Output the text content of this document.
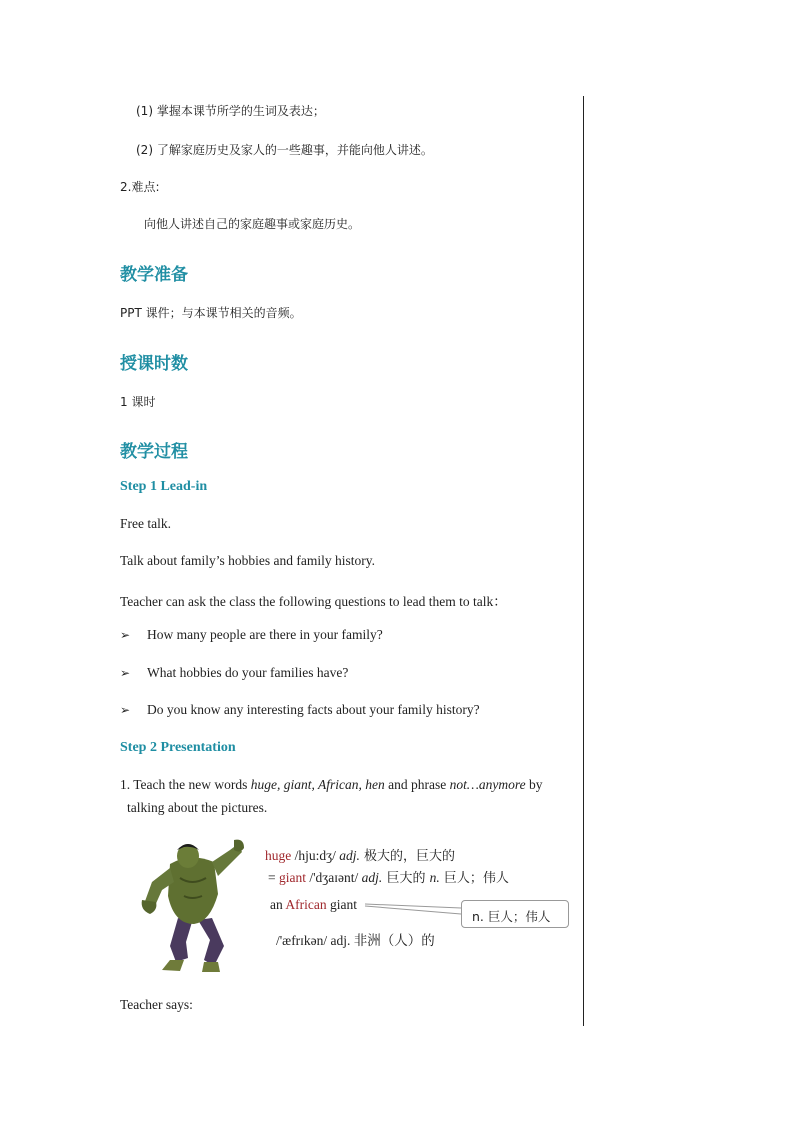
(1) 掌握本课节所学的生词及表达；
(2) 了解家庭历史及家人的一些趣事，并能向他人讲述。
2.难点:
向他人讲述自己的家庭趣事或家庭历史。
教学准备
PPT 课件；与本课节相关的音频。
授课时数
1 课时
教学过程
Step 1 Lead-in
Free talk.
Talk about family’s hobbies and family history.
Teacher can ask the class the following questions to lead them to talk：
➢ How many people are there in your family?
➢ What hobbies do your families have?
➢ Do you know any interesting facts about your family history?
Step 2 Presentation
1. Teach the new words huge, giant, African, hen and phrase not…anymore by
talking about the pictures.
huge /hju:dʒ/ adj. 极大的，巨大的
= giant /'dʒaɪənt/ adj. 巨大的 n. 巨人；伟人
an African giant
n. 巨人；伟人
/'æfrɪkən/ adj. 非洲（人）的
Teacher says:
